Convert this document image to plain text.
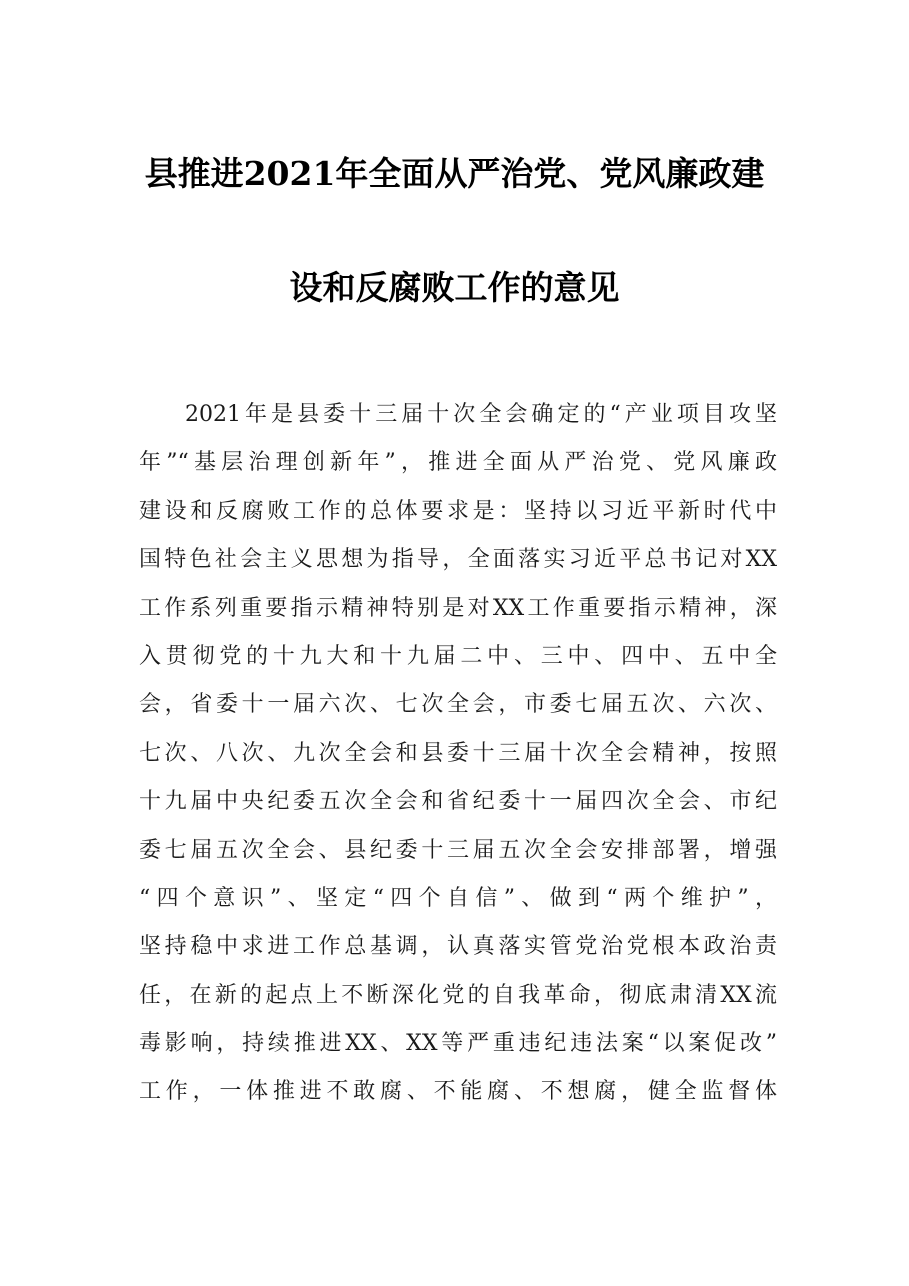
县推进2021年全面从严治党、党风廉政建
设和反腐败工作的意见
2021年是县委十三届十次全会确定的“产业项目攻坚
年”“基层治理创新年”，推进全面从严治党、党风廉政
建设和反腐败工作的总体要求是：坚持以习近平新时代中
国特色社会主义思想为指导，全面落实习近平总书记对XX
工作系列重要指示精神特别是对XX工作重要指示精神，深
入贯彻党的十九大和十九届二中、三中、四中、五中全
会，省委十一届六次、七次全会，市委七届五次、六次、
七次、八次、九次全会和县委十三届十次全会精神，按照
十九届中央纪委五次全会和省纪委十一届四次全会、市纪
委七届五次全会、县纪委十三届五次全会安排部署，增强
“四个意识”、坚定“四个自信”、做到“两个维护”，
坚持稳中求进工作总基调，认真落实管党治党根本政治责
任，在新的起点上不断深化党的自我革命，彻底肃清XX流
毒影响，持续推进XX、XX等严重违纪违法案“以案促改”
工作，一体推进不敢腐、不能腐、不想腐，健全监督体
